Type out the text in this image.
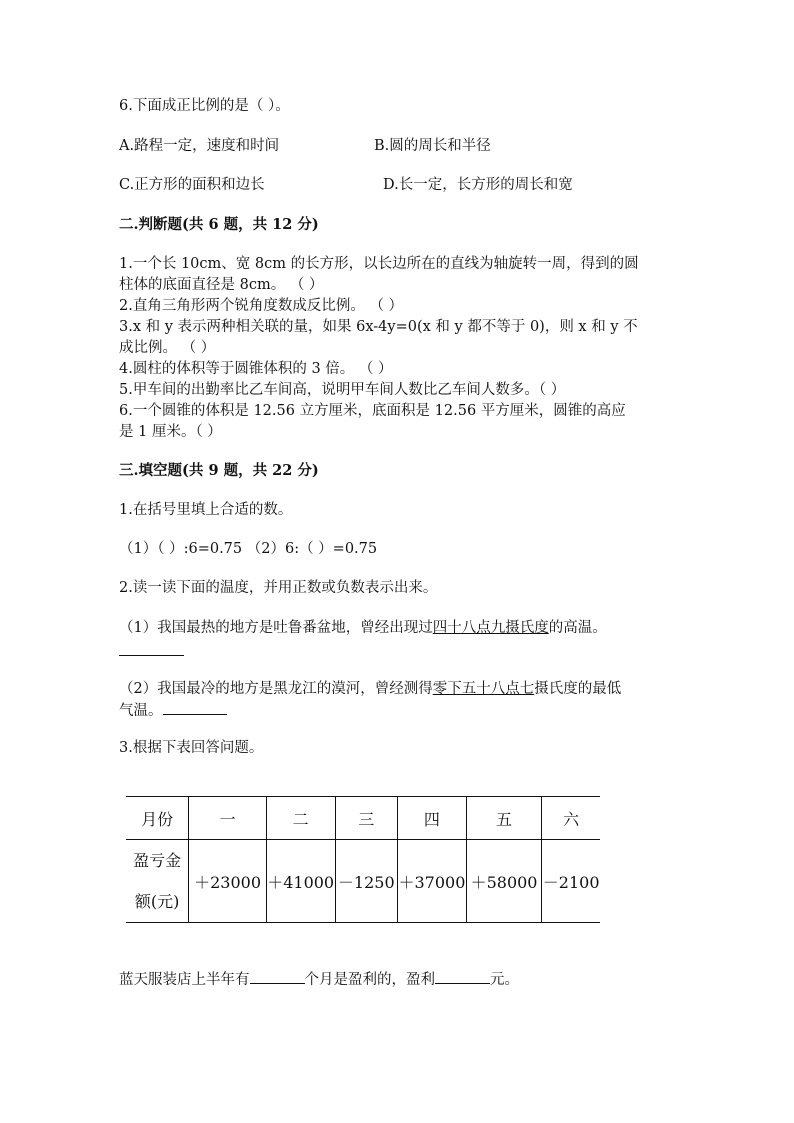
6.下面成正比例的是（ ）。
A.路程一定，速度和时间	B.圆的周长和半径
C.正方形的面积和边长	D.长一定，长方形的周长和宽
二.判断题(共 6 题，共 12 分)
1.一个长 10cm、宽 8cm 的长方形，以长边所在的直线为轴旋转一周，得到的圆
柱体的底面直径是 8cm。 （ ）
2.直角三角形两个锐角度数成反比例。 （ ）
3.x 和 y 表示两种相关联的量，如果 6x-4y=0(x 和 y 都不等于 0)，则 x 和 y 不
成比例。 （ ）
4.圆柱的体积等于圆锥体积的 3 倍。 （ ）
5.甲车间的出勤率比乙车间高，说明甲车间人数比乙车间人数多。（ ）
6.一个圆锥的体积是 12.56 立方厘米，底面积是 12.56 平方厘米，圆锥的高应
是 1 厘米。（ ）
三.填空题(共 9 题，共 22 分)
1.在括号里填上合适的数。
（1）（ ）:6=0.75 （2）6:（ ）=0.75
2.读一读下面的温度，并用正数或负数表示出来。
（1）我国最热的地方是吐鲁番盆地，曾经出现过四十八点九摄氏度的高温。
（2）我国最冷的地方是黑龙江的漠河，曾经测得零下五十八点七摄氏度的最低
气温。
3.根据下表回答问题。
月份	一	二	三	四	五	六

盈亏金
额(元)	＋23000	＋41000	－1250	＋37000	＋58000	－2100
蓝天服装店上半年有	个月是盈利的，盈利	元。
